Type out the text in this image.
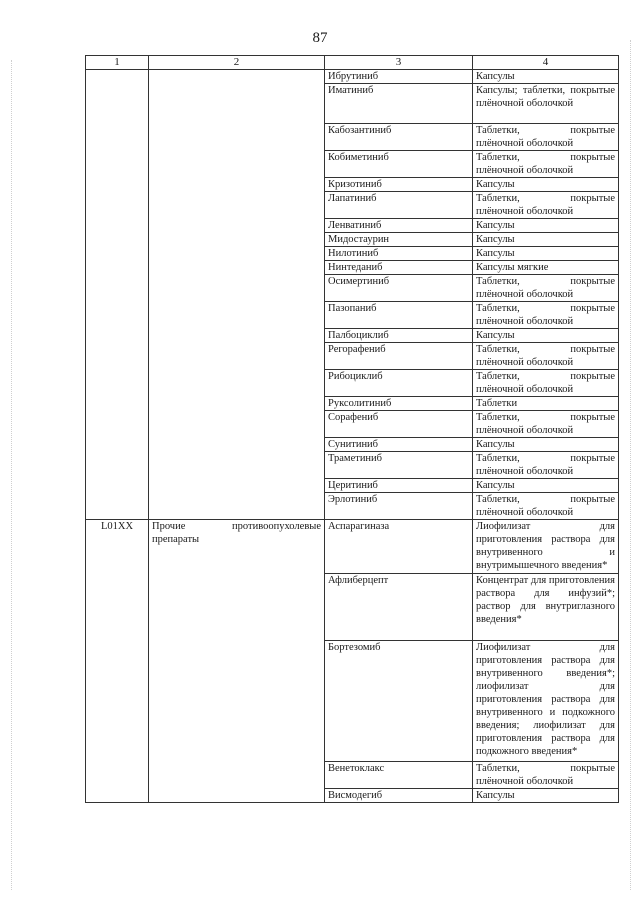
87
1	2	3	4
		Ибрутиниб	Капсулы
		Иматиниб	Капсулы; таблетки, покрытые плёночной оболочкой
		Кабозантиниб	Таблетки, покрытые плёночной оболочкой
		Кобиметиниб	Таблетки, покрытые плёночной оболочкой
		Кризотиниб	Капсулы
		Лапатиниб	Таблетки, покрытые плёночной оболочкой
		Ленватиниб	Капсулы
		Мидостаурин	Капсулы
		Нилотиниб	Капсулы
		Нинтеданиб	Капсулы мягкие
		Осимертиниб	Таблетки, покрытые плёночной оболочкой
		Пазопаниб	Таблетки, покрытые плёночной оболочкой
		Палбоциклиб	Капсулы
		Регорафениб	Таблетки, покрытые плёночной оболочкой
		Рибоциклиб	Таблетки, покрытые плёночной оболочкой
		Руксолитиниб	Таблетки
		Сорафениб	Таблетки, покрытые плёночной оболочкой
		Сунитиниб	Капсулы
		Траметиниб	Таблетки, покрытые плёночной оболочкой
		Церитиниб	Капсулы
		Эрлотиниб	Таблетки, покрытые плёночной оболочкой
L01XX	Прочие противоопухолевые препараты	Аспарагиназа	Лиофилизат для приготовления раствора для внутривенного и внутримышечного введения*
		Афлиберцепт	Концентрат для приготовления раствора для инфузий*; раствор для внутриглазного введения*
		Бортезомиб	Лиофилизат для приготовления раствора для внутривенного введения*; лиофилизат для приготовления раствора для внутривенного и подкожного введения; лиофилизат для приготовления раствора для подкожного введения*
		Венетоклакс	Таблетки, покрытые плёночной оболочкой
		Висмодегиб	Капсулы
